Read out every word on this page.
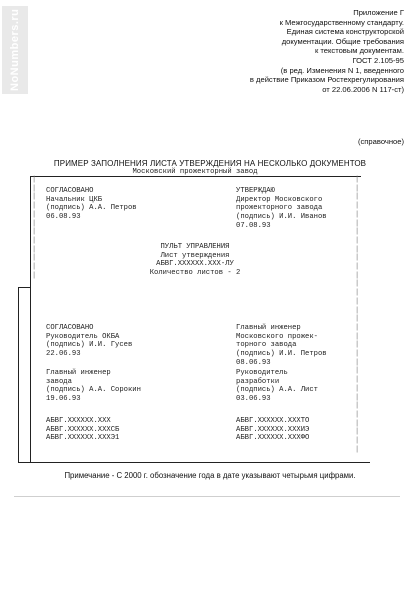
NoNumbers.ru	Приложение Г
к Межгосударственному стандарту.
Единая система конструкторской
документации. Общие требования
к текстовым документам.
ГОСТ 2.105-95
(в ред. Изменения N 1, введенного
в действие Приказом Ростехрегулирования
от 22.06.2006 N 117-ст)
(справочное)
ПРИМЕР ЗАПОЛНЕНИЯ ЛИСТА УТВЕРЖДЕНИЯ НА НЕСКОЛЬКО ДОКУМЕНТОВ
|
|
|
|
|
|
|
|
|
|
|
|
|
|
|
|
|
|
|
|
|
|
|
|
|
|
|
|
|
|
|
|
|
|
|
|
|
|
|
|
|
|
|
|
Московский прожекторный завод
СОГЛАСОВАНО
Начальник ЦКБ
(подпись) А.А. Петров
06.08.93
УТВЕРЖДАЮ
Директор Московского
прожекторного завода
(подпись) И.И. Иванов
07.08.93
ПУЛЬТ УПРАВЛЕНИЯ
Лист утверждения
АБВГ.XXXXXX.XXX-ЛУ
Количество листов - 2
СОГЛАСОВАНО
Руководитель ОКБА
(подпись) И.И. Гусев
22.06.93
Главный инженер
Московского прожек-
торного завода
(подпись) И.И. Петров
08.06.93
Главный инженер
завода
(подпись) А.А. Сорокин
19.06.93
Руководитель
разработки
(подпись) А.А. Лист
03.06.93
АБВГ.XXXXXX.XXX
АБВГ.XXXXXX.XXXСБ
АБВГ.XXXXXX.XXXЭ1
АБВГ.XXXXXX.XXXТО
АБВГ.XXXXXX.XXXИЭ
АБВГ.XXXXXX.XXXФО
Примечание - С 2000 г. обозначение года в дате указывают четырьмя цифрами.
